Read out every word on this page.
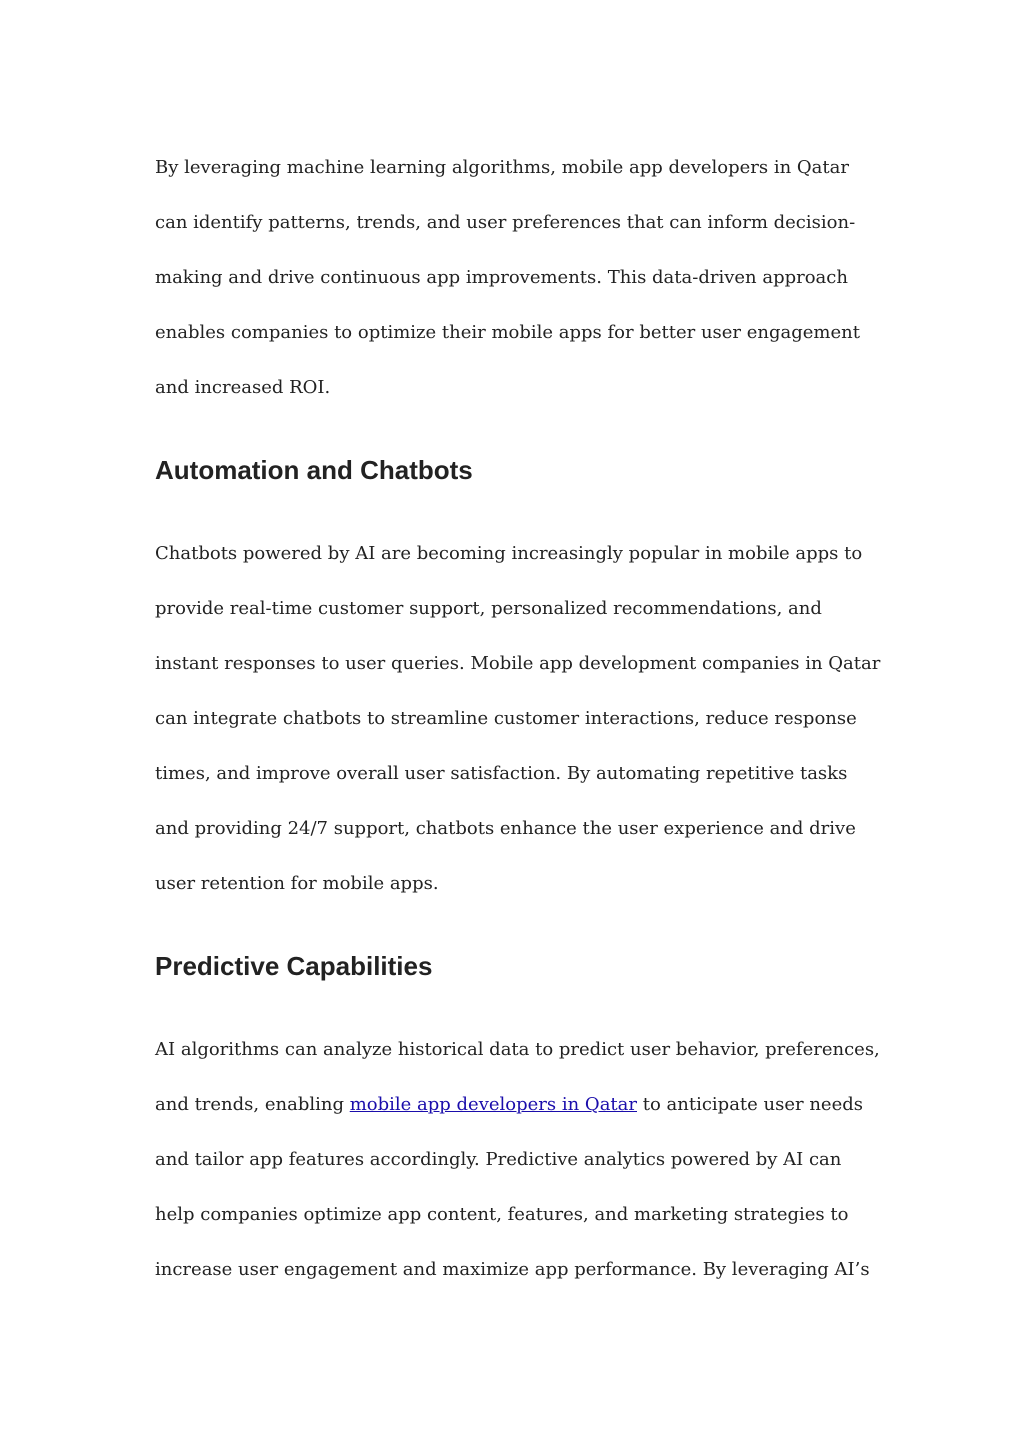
By leveraging machine learning algorithms, mobile app developers in Qatar
can identify patterns, trends, and user preferences that can inform decision-
making and drive continuous app improvements. This data-driven approach
enables companies to optimize their mobile apps for better user engagement
and increased ROI.
Automation and Chatbots
Chatbots powered by AI are becoming increasingly popular in mobile apps to
provide real-time customer support, personalized recommendations, and
instant responses to user queries. Mobile app development companies in Qatar
can integrate chatbots to streamline customer interactions, reduce response
times, and improve overall user satisfaction. By automating repetitive tasks
and providing 24/7 support, chatbots enhance the user experience and drive
user retention for mobile apps.
Predictive Capabilities
AI algorithms can analyze historical data to predict user behavior, preferences,
and trends, enabling mobile app developers in Qatar to anticipate user needs
and tailor app features accordingly. Predictive analytics powered by AI can
help companies optimize app content, features, and marketing strategies to
increase user engagement and maximize app performance. By leveraging AI’s
